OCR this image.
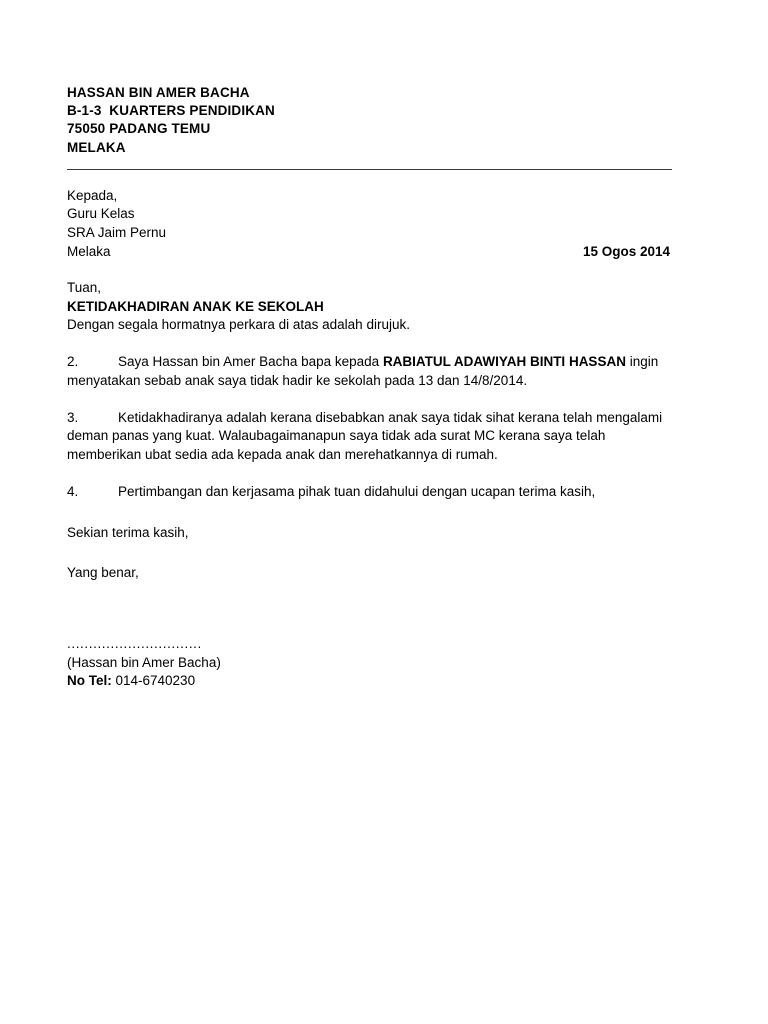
HASSAN BIN AMER BACHA
B-1-3  KUARTERS PENDIDIKAN
75050 PADANG TEMU
MELAKA
Kepada,
Guru Kelas
SRA Jaim Pernu
Melaka	15 Ogos 2014
Tuan,
KETIDAKHADIRAN ANAK KE SEKOLAH
Dengan segala hormatnya perkara di atas adalah dirujuk.
2.	Saya Hassan bin Amer Bacha bapa kepada RABIATUL ADAWIYAH BINTI HASSAN ingin menyatakan sebab anak saya tidak hadir ke sekolah pada 13 dan 14/8/2014.
3.	Ketidakhadiranya adalah kerana disebabkan anak saya tidak sihat kerana telah mengalami deman panas yang kuat. Walaubagaimanapun saya tidak ada surat MC kerana saya telah memberikan ubat sedia ada kepada anak dan merehatkannya di rumah.
4.	Pertimbangan dan kerjasama pihak tuan didahului dengan ucapan terima kasih,
Sekian terima kasih,
Yang benar,
...............................
(Hassan bin Amer Bacha)
No Tel: 014-6740230
